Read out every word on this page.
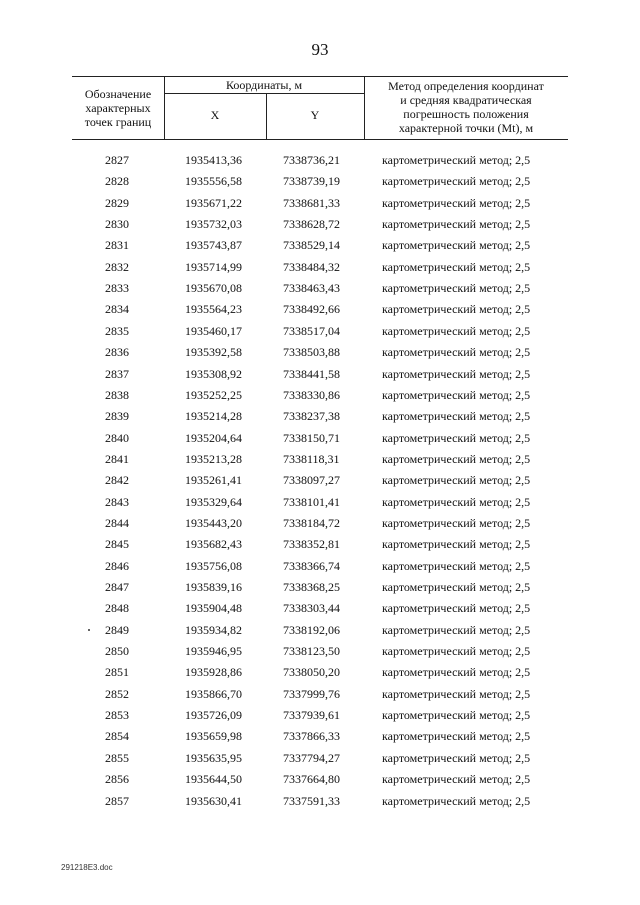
93
Обозначение
характерных
точек границ
Координаты, м
X	Y
Метод определения координат
и средняя квадратическая
погрешность положения
характерной точки (Mt), м
2827	1935413,36	7338736,21	картометрический метод; 2,5
2828	1935556,58	7338739,19	картометрический метод; 2,5
2829	1935671,22	7338681,33	картометрический метод; 2,5
2830	1935732,03	7338628,72	картометрический метод; 2,5
2831	1935743,87	7338529,14	картометрический метод; 2,5
2832	1935714,99	7338484,32	картометрический метод; 2,5
2833	1935670,08	7338463,43	картометрический метод; 2,5
2834	1935564,23	7338492,66	картометрический метод; 2,5
2835	1935460,17	7338517,04	картометрический метод; 2,5
2836	1935392,58	7338503,88	картометрический метод; 2,5
2837	1935308,92	7338441,58	картометрический метод; 2,5
2838	1935252,25	7338330,86	картометрический метод; 2,5
2839	1935214,28	7338237,38	картометрический метод; 2,5
2840	1935204,64	7338150,71	картометрический метод; 2,5
2841	1935213,28	7338118,31	картометрический метод; 2,5
2842	1935261,41	7338097,27	картометрический метод; 2,5
2843	1935329,64	7338101,41	картометрический метод; 2,5
2844	1935443,20	7338184,72	картометрический метод; 2,5
2845	1935682,43	7338352,81	картометрический метод; 2,5
2846	1935756,08	7338366,74	картометрический метод; 2,5
2847	1935839,16	7338368,25	картометрический метод; 2,5
2848	1935904,48	7338303,44	картометрический метод; 2,5
2849	1935934,82	7338192,06	картометрический метод; 2,5
2850	1935946,95	7338123,50	картометрический метод; 2,5
2851	1935928,86	7338050,20	картометрический метод; 2,5
2852	1935866,70	7337999,76	картометрический метод; 2,5
2853	1935726,09	7337939,61	картометрический метод; 2,5
2854	1935659,98	7337866,33	картометрический метод; 2,5
2855	1935635,95	7337794,27	картометрический метод; 2,5
2856	1935644,50	7337664,80	картометрический метод; 2,5
2857	1935630,41	7337591,33	картометрический метод; 2,5
291218E3.doc
